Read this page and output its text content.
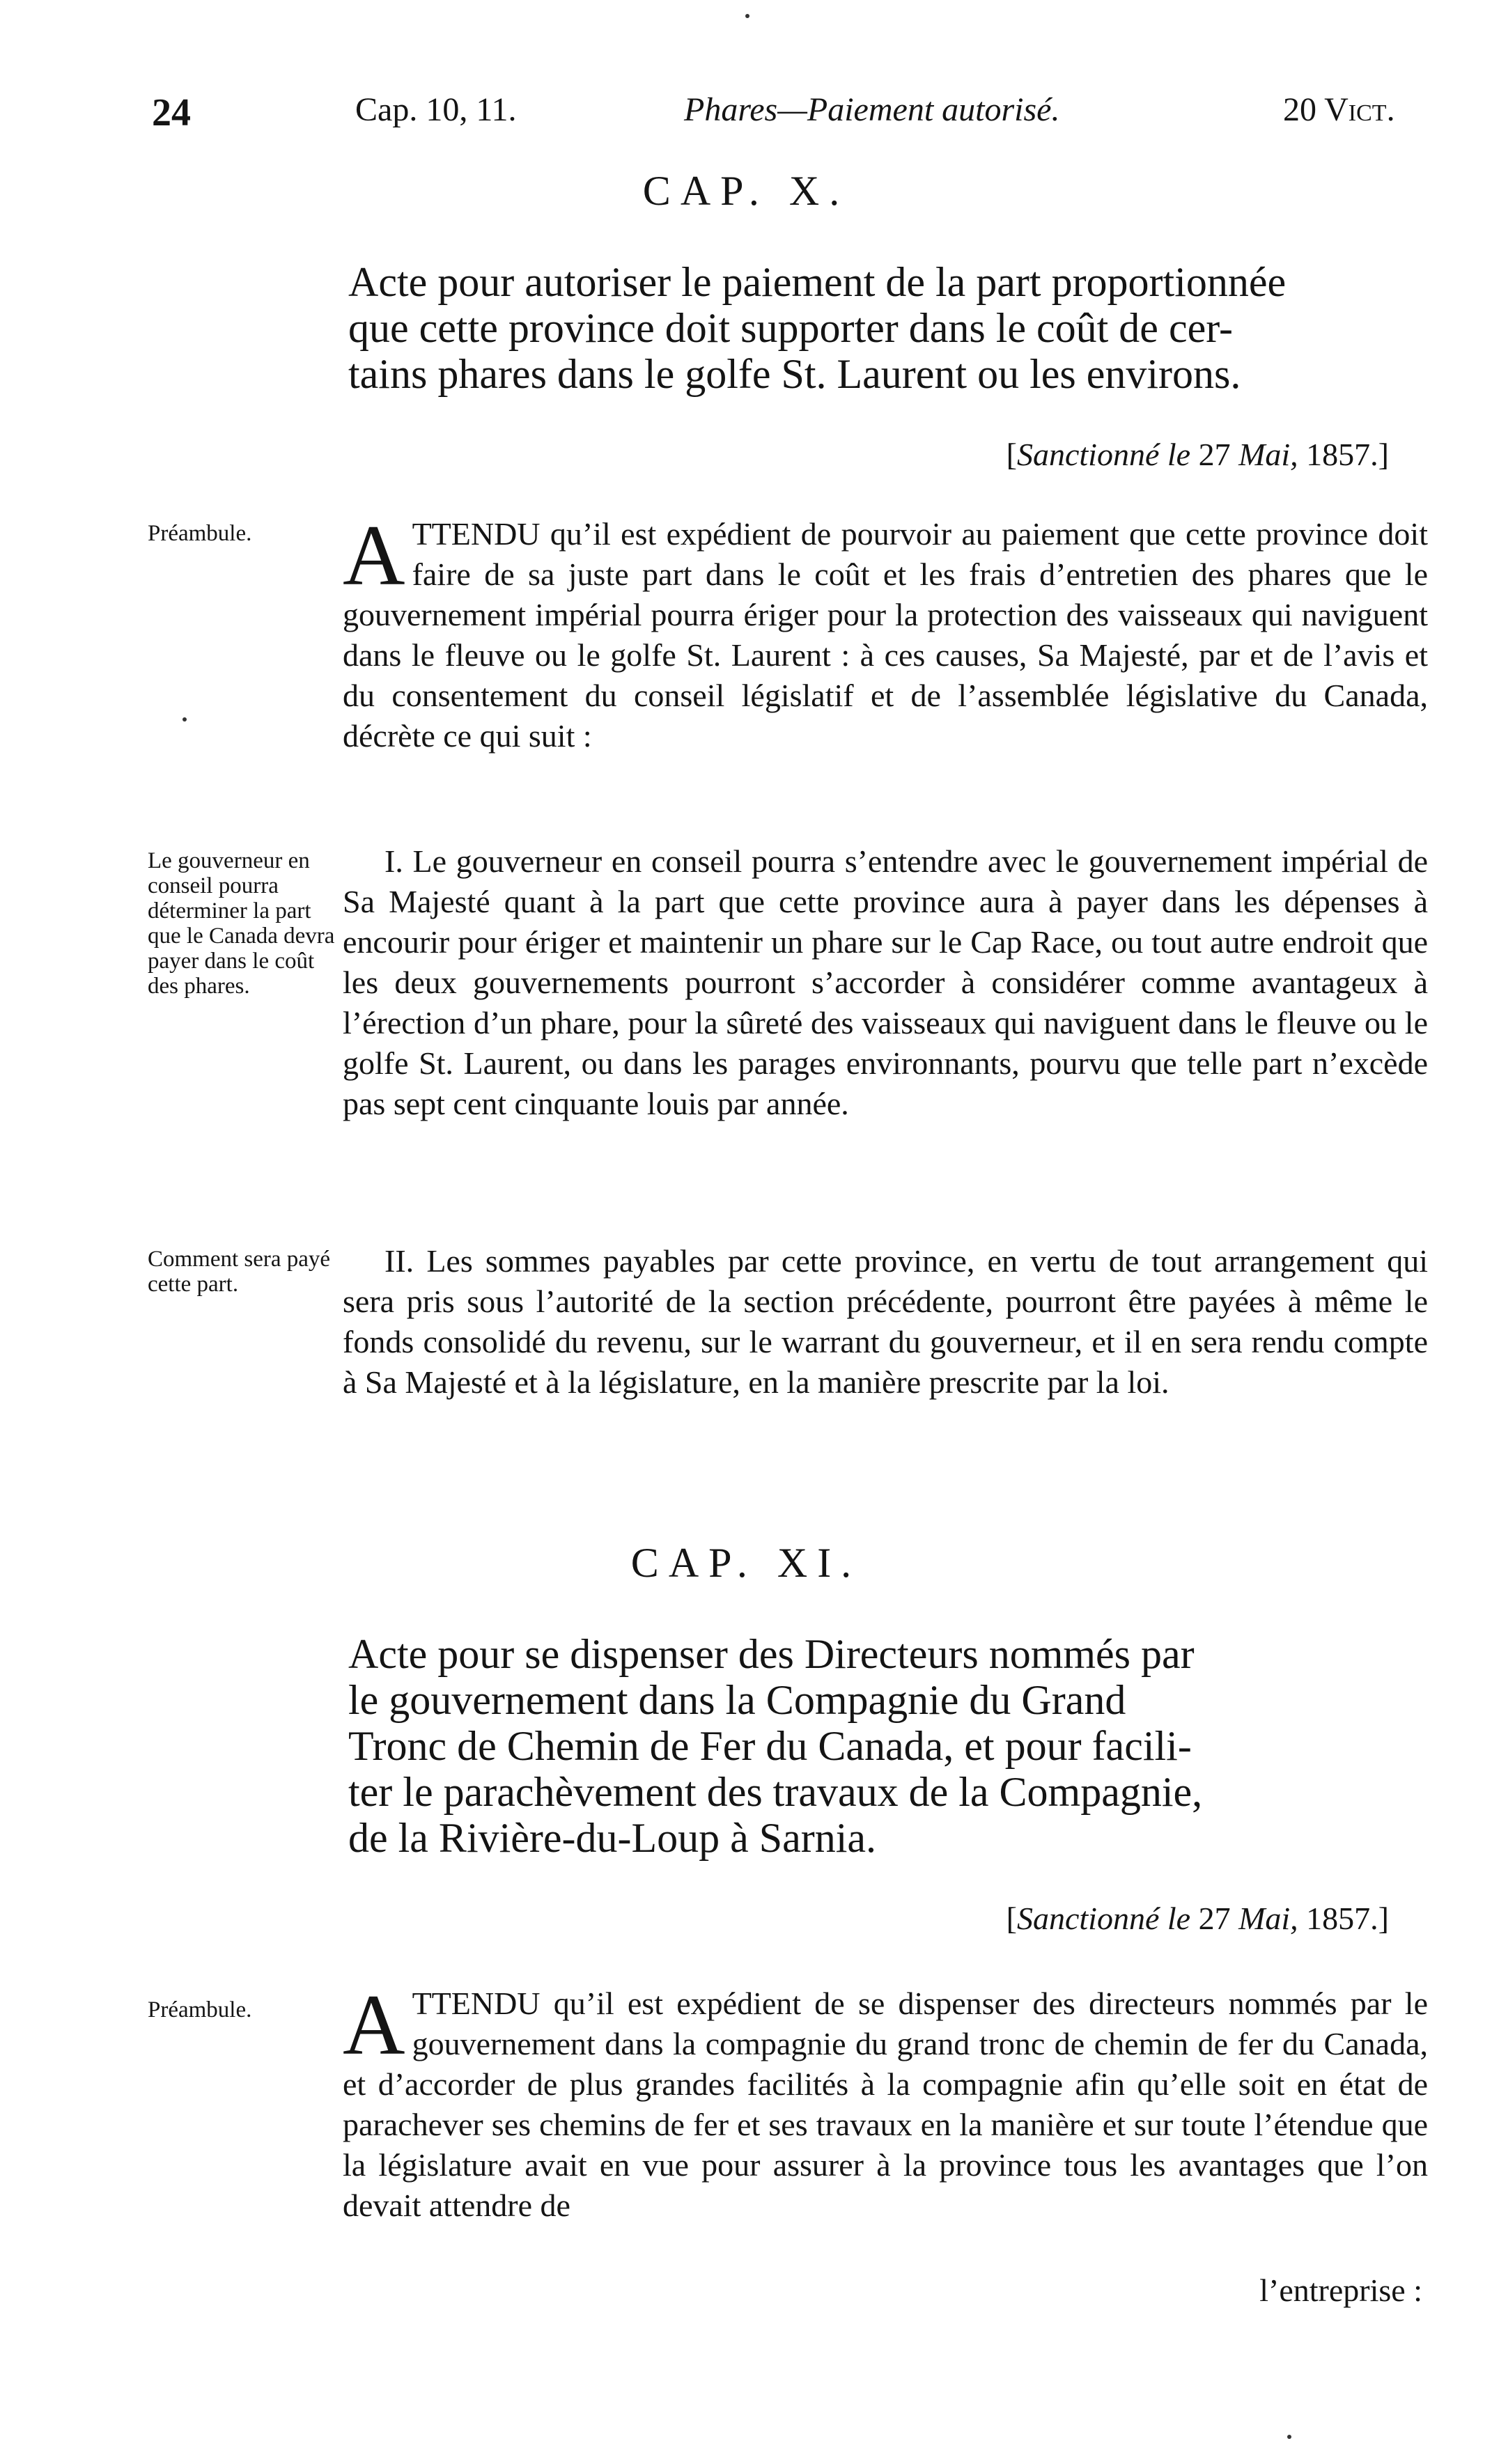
24	Cap. 10, 11.	Phares—Paiement autorisé.	20 Vict.
CAP. X.
Acte pour autoriser le paiement de la part proportionnée
que cette province doit supporter dans le coût de cer-
tains phares dans le golfe St. Laurent ou les environs.
[Sanctionné le 27 Mai, 1857.]
Préambule.	ATTENDU qu’il est expédient de pourvoir au paiement que cette province doit faire de sa juste part dans le coût et les frais d’entretien des phares que le gouvernement impérial pourra ériger pour la protection des vaisseaux qui naviguent dans le fleuve ou le golfe St. Laurent : à ces causes, Sa Majesté, par et de l’avis et du consentement du conseil législatif et de l’assemblée législative du Canada, décrète ce qui suit :
Le gouverneur en conseil pourra déterminer la part que le Canada devra payer dans le coût des phares.
I. Le gouverneur en conseil pourra s’entendre avec le gouvernement impérial de Sa Majesté quant à la part que cette province aura à payer dans les dépenses à encourir pour ériger et maintenir un phare sur le Cap Race, ou tout autre endroit que les deux gouvernements pourront s’accorder à considérer comme avantageux à l’érection d’un phare, pour la sûreté des vaisseaux qui naviguent dans le fleuve ou le golfe St. Laurent, ou dans les parages environnants, pourvu que telle part n’excède pas sept cent cinquante louis par année.
Comment sera payé cette part.
II. Les sommes payables par cette province, en vertu de tout arrangement qui sera pris sous l’autorité de la section précédente, pourront être payées à même le fonds consolidé du revenu, sur le warrant du gouverneur, et il en sera rendu compte à Sa Majesté et à la législature, en la manière prescrite par la loi.
CAP. XI.
Acte pour se dispenser des Directeurs nommés par
le gouvernement dans la Compagnie du Grand
Tronc de Chemin de Fer du Canada, et pour facili-
ter le parachèvement des travaux de la Compagnie,
de la Rivière-du-Loup à Sarnia.
[Sanctionné le 27 Mai, 1857.]
Préambule.	ATTENDU qu’il est expédient de se dispenser des directeurs nommés par le gouvernement dans la compagnie du grand tronc de chemin de fer du Canada, et d’accorder de plus grandes facilités à la compagnie afin qu’elle soit en état de parachever ses chemins de fer et ses travaux en la manière et sur toute l’étendue que la législature avait en vue pour assurer à la province tous les avantages que l’on devait attendre de
l’entreprise :
